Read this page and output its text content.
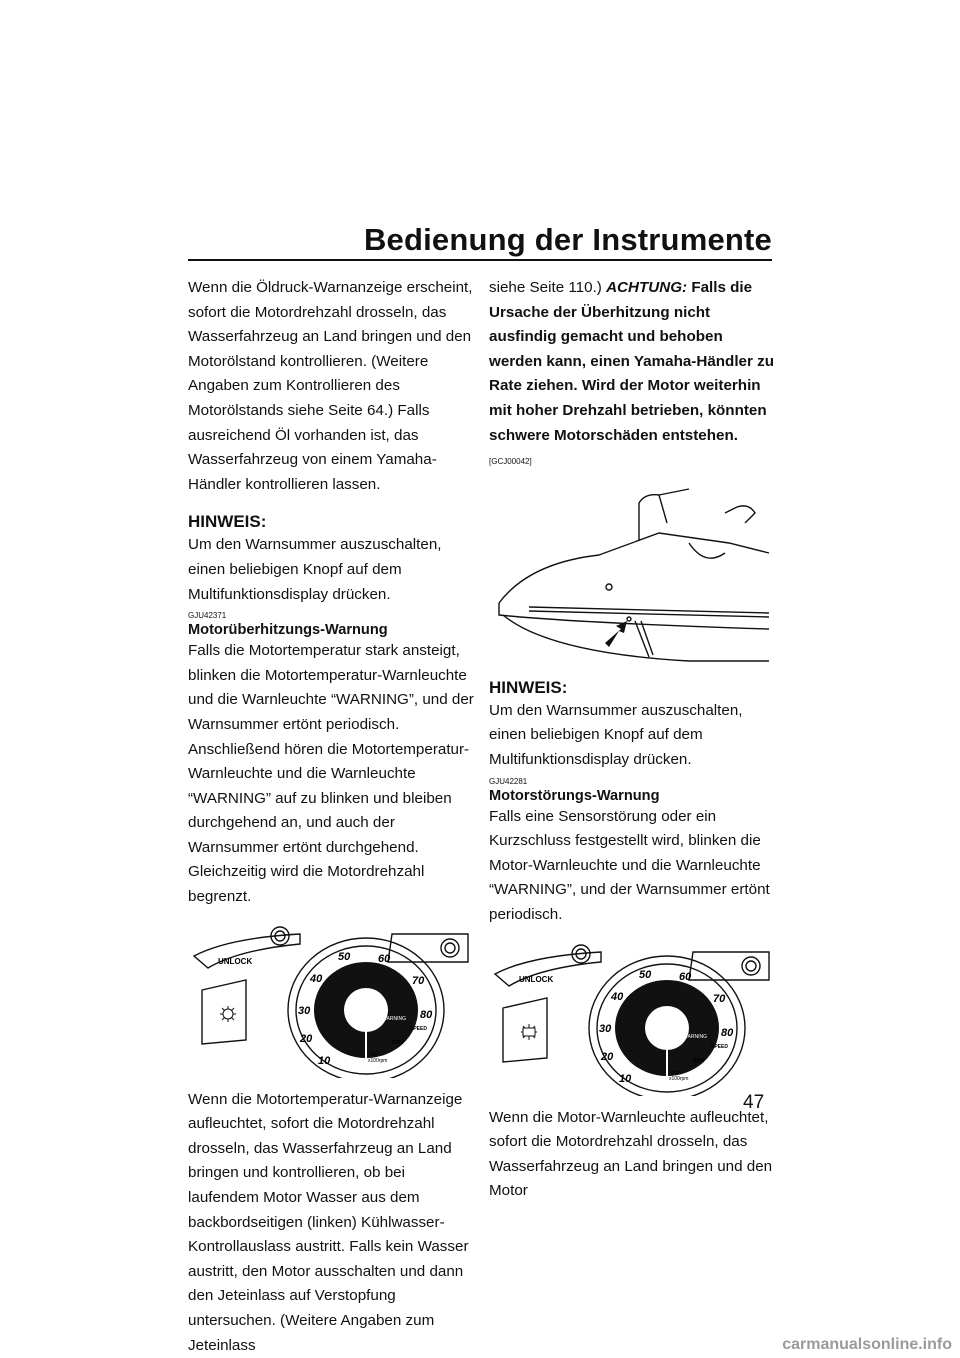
Bedienung der Instrumente

Wenn die Öldruck-Warnanzeige erscheint, sofort die Motordrehzahl drosseln, das Wasserfahrzeug an Land bringen und den Motorölstand kontrollieren. (Weitere Angaben zum Kontrollieren des Motorölstands siehe Seite 64.) Falls ausreichend Öl vorhanden ist, das Wasserfahrzeug von einem Yamaha-Händler kontrollieren lassen.

HINWEIS:

Um den Warnsummer auszuschalten, einen beliebigen Knopf auf dem Multifunktionsdisplay drücken.

GJU42371
Motorüberhitzungs-Warnung

Falls die Motortemperatur stark ansteigt, blinken die Motortemperatur-Warnleuchte und die Warnleuchte “WARNING”, und der Warnsummer ertönt periodisch. Anschließend hören die Motortemperatur-Warnleuchte und die Warnleuchte “WARNING” auf zu blinken und bleiben durchgehend an, und auch der Warnsummer ertönt durchgehend. Gleichzeitig wird die Motordrehzahl begrenzt.

UNLOCK
10
20
30
40
50	60
70
80
WARNING
SPEED
RPM
mph
x100rpm

Wenn die Motortemperatur-Warnanzeige aufleuchtet, sofort die Motordrehzahl drosseln, das Wasserfahrzeug an Land bringen und kontrollieren, ob bei laufendem Motor Wasser aus dem backbordseitigen (linken) Kühlwasser-Kontrollauslass austritt. Falls kein Wasser austritt, den Motor ausschalten und dann den Jeteinlass auf Verstopfung untersuchen. (Weitere Angaben zum Jeteinlass

siehe Seite 110.) ACHTUNG: Falls die Ursache der Überhitzung nicht ausfindig gemacht und behoben werden kann, einen Yamaha-Händler zu Rate ziehen. Wird der Motor weiterhin mit hoher Drehzahl betrieben, könnten schwere Motorschäden entstehen. [GCJ00042]

HINWEIS:

Um den Warnsummer auszuschalten, einen beliebigen Knopf auf dem Multifunktionsdisplay drücken.

GJU42281
Motorstörungs-Warnung

Falls eine Sensorstörung oder ein Kurzschluss festgestellt wird, blinken die Motor-Warnleuchte und die Warnleuchte “WARNING”, und der Warnsummer ertönt periodisch.

UNLOCK
10
20
30
40
50	60
70
80
WARNING
SPEED
RPM
mph
x100rpm

Wenn die Motor-Warnleuchte aufleuchtet, sofort die Motordrehzahl drosseln, das Wasserfahrzeug an Land bringen und den Motor

47
carmanualsonline.info
